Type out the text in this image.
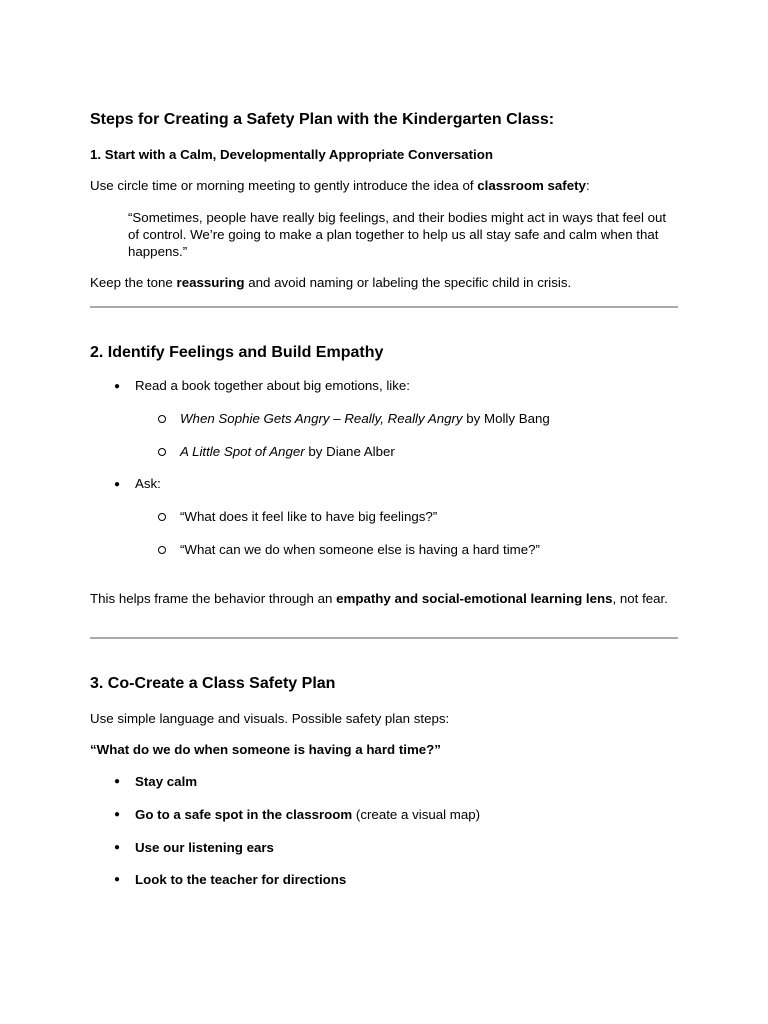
Steps for Creating a Safety Plan with the Kindergarten Class:
1. Start with a Calm, Developmentally Appropriate Conversation
Use circle time or morning meeting to gently introduce the idea of classroom safety:
“Sometimes, people have really big feelings, and their bodies might act in ways that feel out of control. We’re going to make a plan together to help us all stay safe and calm when that happens.”
Keep the tone reassuring and avoid naming or labeling the specific child in crisis.
2. Identify Feelings and Build Empathy
● Read a book together about big emotions, like:
When Sophie Gets Angry – Really, Really Angry by Molly Bang
A Little Spot of Anger by Diane Alber
● Ask:
“What does it feel like to have big feelings?”
“What can we do when someone else is having a hard time?”
This helps frame the behavior through an empathy and social-emotional learning lens, not fear.
3. Co-Create a Class Safety Plan
Use simple language and visuals. Possible safety plan steps:
“What do we do when someone is having a hard time?”
● Stay calm
● Go to a safe spot in the classroom (create a visual map)
● Use our listening ears
● Look to the teacher for directions
